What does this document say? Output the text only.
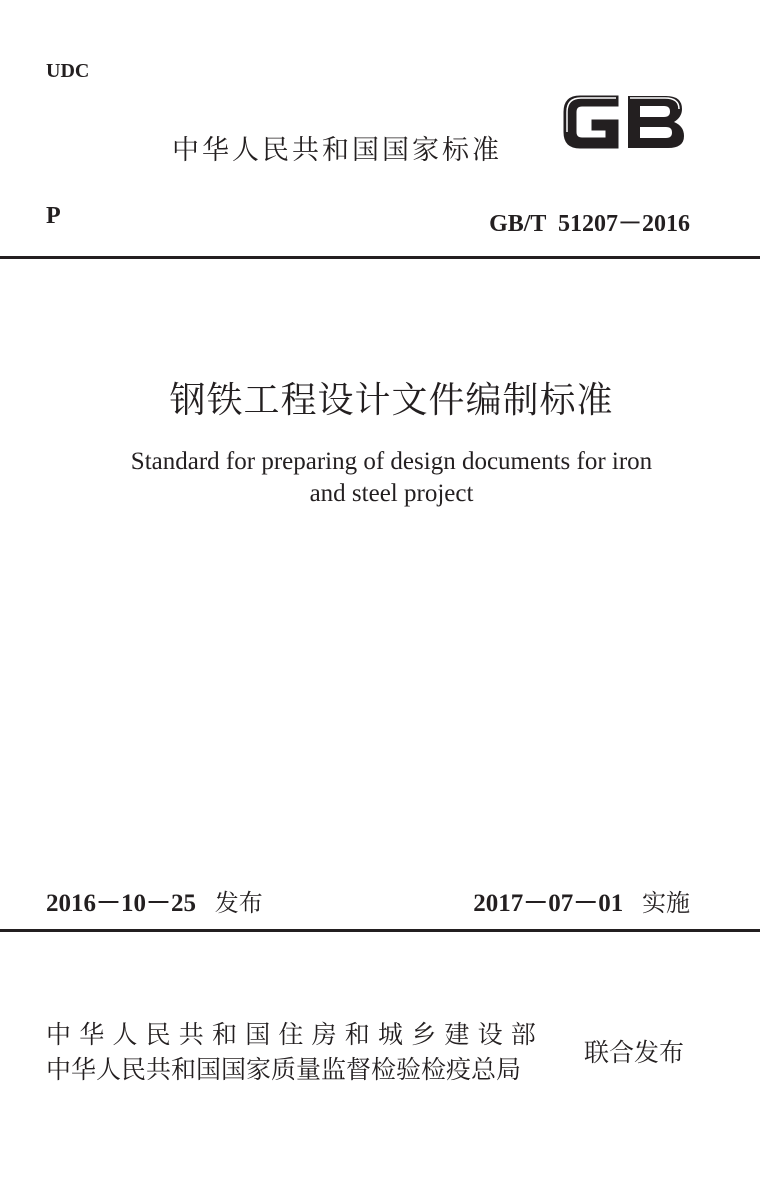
UDC
中华人民共和国国家标准
P	GB/T  51207－2016
钢铁工程设计文件编制标准
Standard for preparing of design documents for iron
and steel project
2016－10－25 发布	2017－07－01 实施
中华人民共和国住房和城乡建设部
中华人民共和国国家质量监督检验检疫总局
联合发布
